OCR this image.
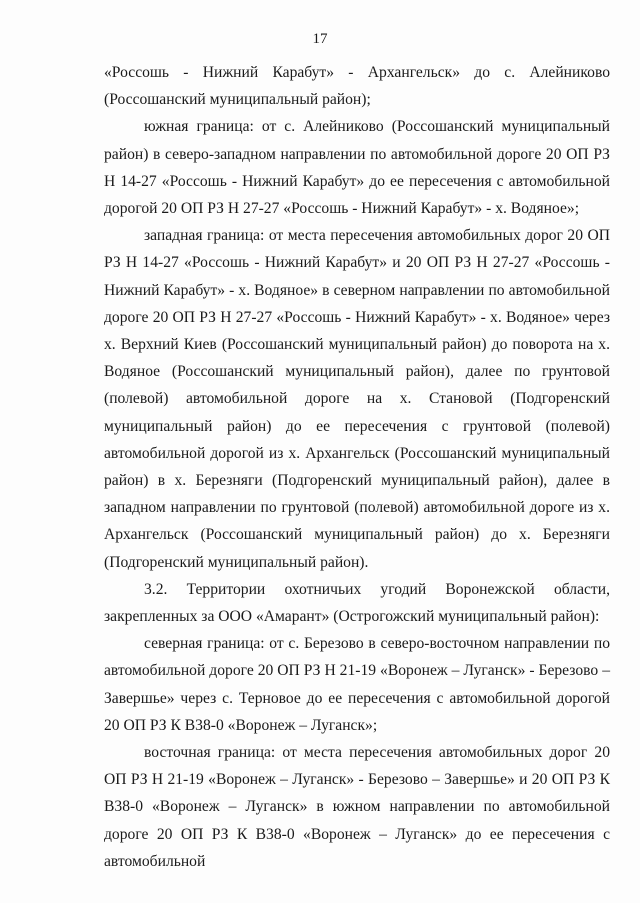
17

«Россошь - Нижний Карабут» - Архангельск» до с. Алейниково (Россошанский муниципальный район);

южная граница: от с. Алейниково (Россошанский муниципальный район) в северо-западном направлении по автомобильной дороге 20 ОП РЗ Н 14-27 «Россошь - Нижний Карабут» до ее пересечения с автомобильной дорогой 20 ОП РЗ Н 27-27 «Россошь - Нижний Карабут» - х. Водяное»;

западная граница: от места пересечения автомобильных дорог 20 ОП РЗ Н 14-27 «Россошь - Нижний Карабут» и 20 ОП РЗ Н 27-27 «Россошь - Нижний Карабут» - х. Водяное» в северном направлении по автомобильной дороге 20 ОП РЗ Н 27-27 «Россошь - Нижний Карабут» - х. Водяное» через х. Верхний Киев (Россошанский муниципальный район) до поворота на х. Водяное (Россошанский муниципальный район), далее по грунтовой (полевой) автомобильной дороге на х. Становой (Подгоренский муниципальный район) до ее пересечения с грунтовой (полевой) автомобильной дорогой из х. Архангельск (Россошанский муниципальный район) в х. Березняги (Подгоренский муниципальный район), далее в западном направлении по грунтовой (полевой) автомобильной дороге из х. Архангельск (Россошанский муниципальный район) до х. Березняги (Подгоренский муниципальный район).

3.2. Территории охотничьих угодий Воронежской области, закрепленных за ООО «Амарант» (Острогожский муниципальный район):

северная граница: от с. Березово в северо-восточном направлении по автомобильной дороге 20 ОП РЗ Н 21-19 «Воронеж – Луганск» - Березово – Завершье» через с. Терновое до ее пересечения с автомобильной дорогой 20 ОП РЗ К В38-0 «Воронеж – Луганск»;

восточная граница: от места пересечения автомобильных дорог 20 ОП РЗ Н 21-19 «Воронеж – Луганск» - Березово – Завершье» и 20 ОП РЗ К В38-0 «Воронеж – Луганск» в южном направлении по автомобильной дороге 20 ОП РЗ К В38-0 «Воронеж – Луганск» до ее пересечения с автомобильной
